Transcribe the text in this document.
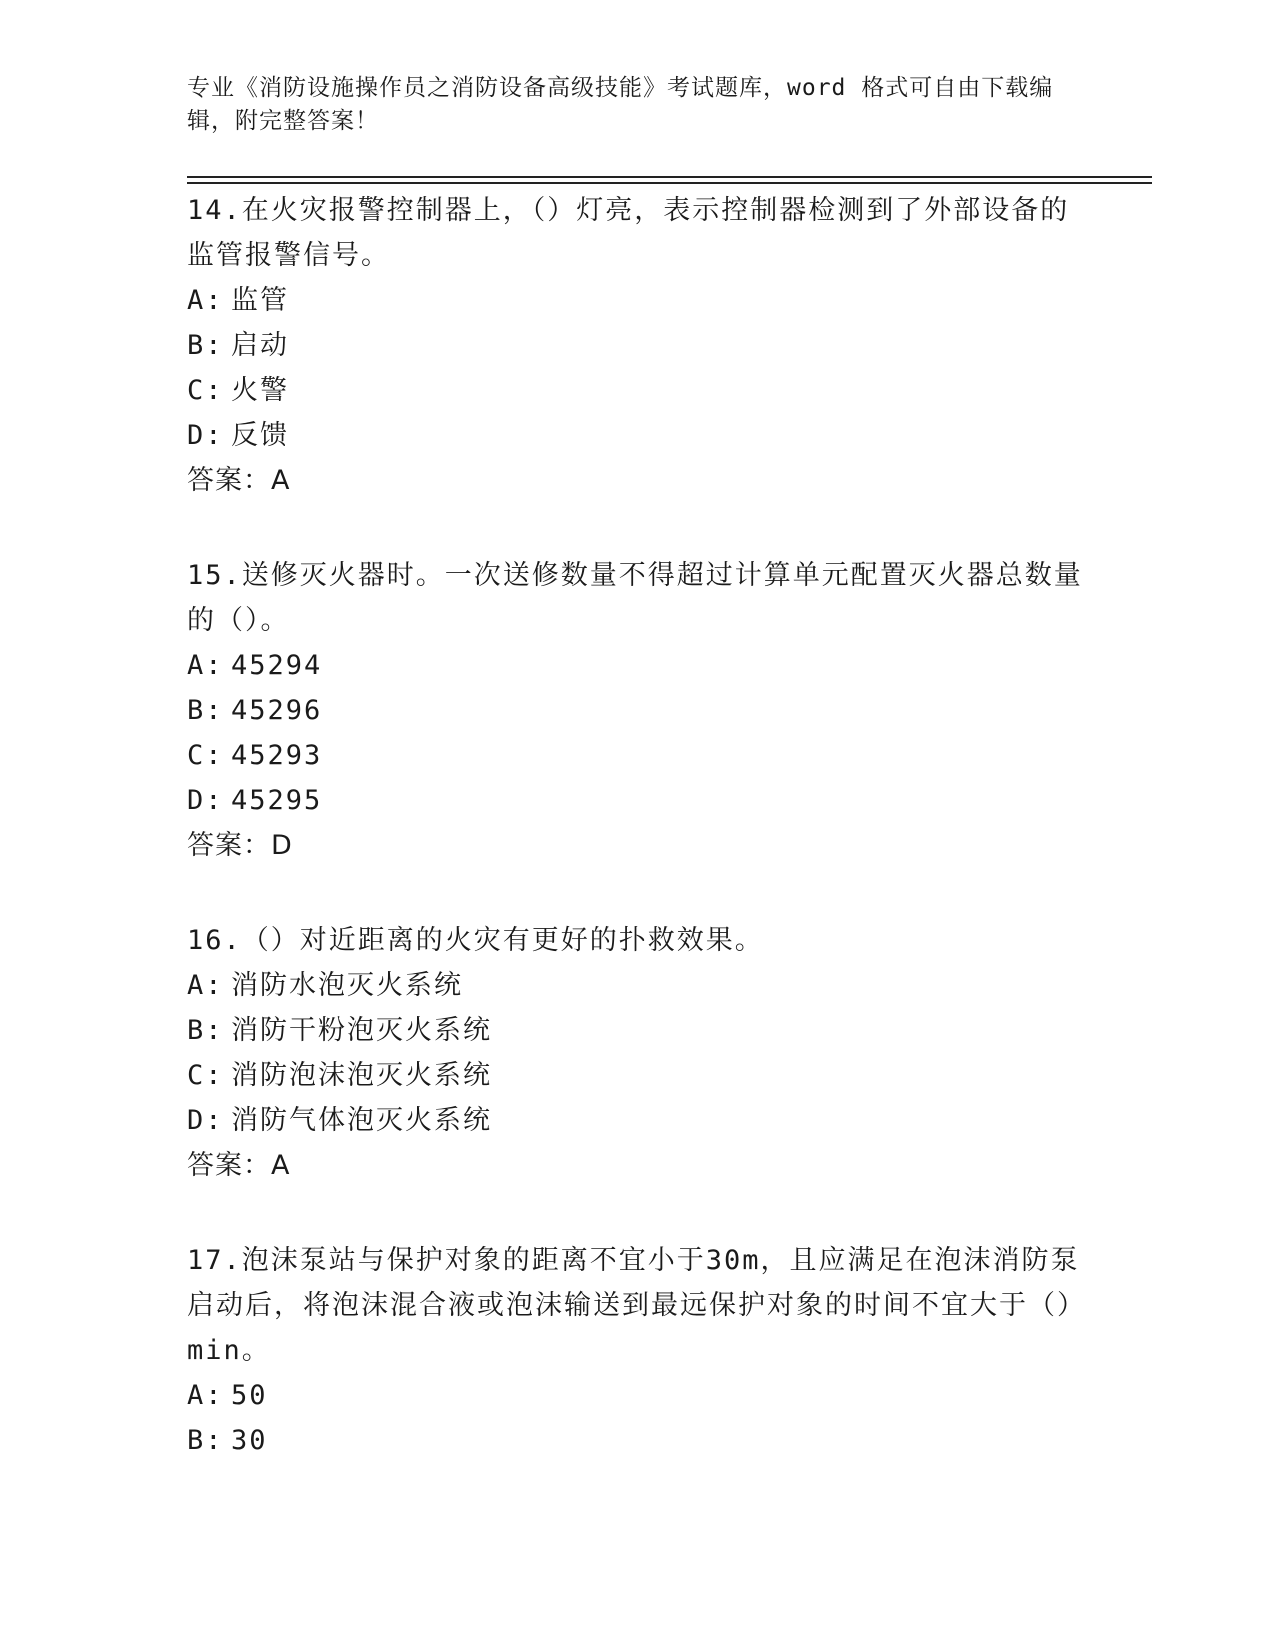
专业《消防设施操作员之消防设备高级技能》考试题库，word 格式可自由下载编辑，附完整答案！
14.在火灾报警控制器上，（）灯亮，表示控制器检测到了外部设备的监管报警信号。
A: 监管
B: 启动
C: 火警
D: 反馈
答案：A
15.送修灭火器时。一次送修数量不得超过计算单元配置灭火器总数量的（）。
A: 45294
B: 45296
C: 45293
D: 45295
答案：D
16.（）对近距离的火灾有更好的扑救效果。
A: 消防水泡灭火系统
B: 消防干粉泡灭火系统
C: 消防泡沫泡灭火系统
D: 消防气体泡灭火系统
答案：A
17.泡沫泵站与保护对象的距离不宜小于30m，且应满足在泡沫消防泵启动后，将泡沫混合液或泡沫输送到最远保护对象的时间不宜大于（）min。
A: 50
B: 30
